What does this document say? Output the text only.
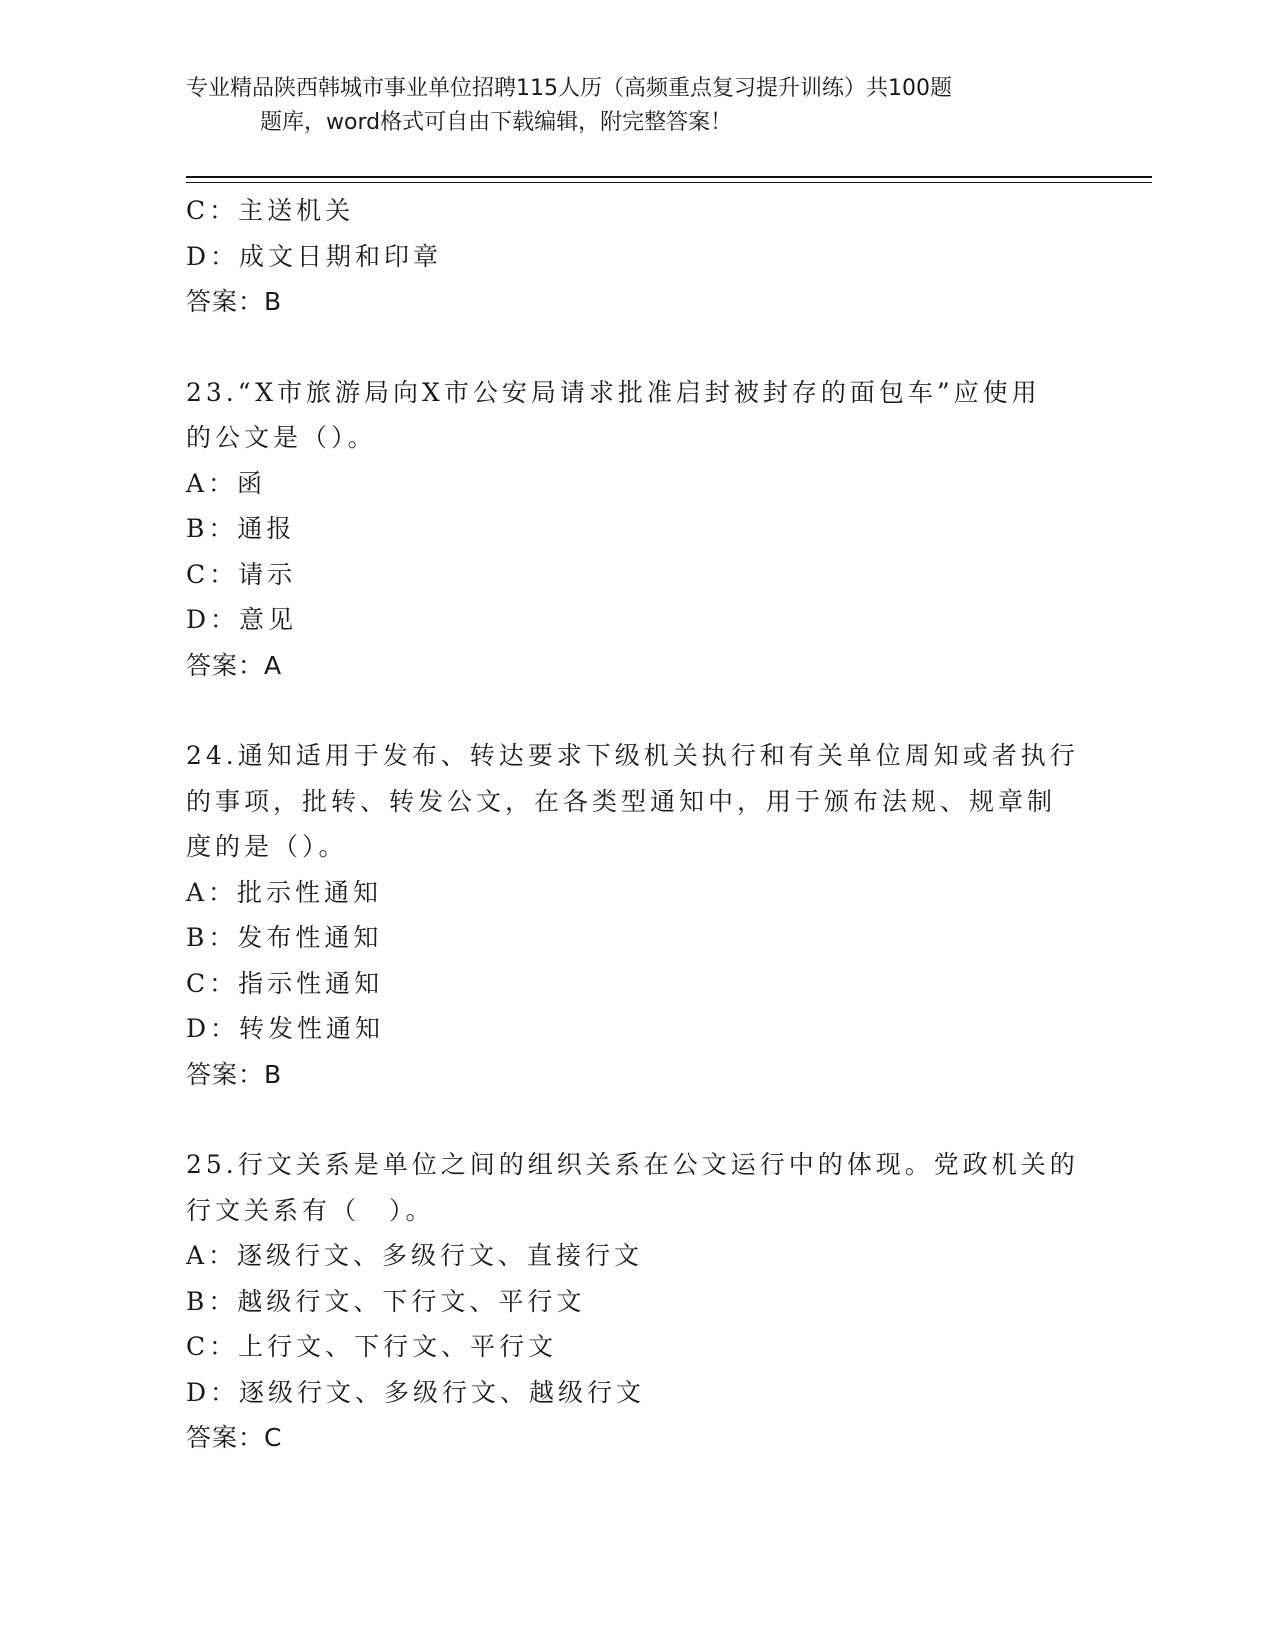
专业精品陕西韩城市事业单位招聘115人历（高频重点复习提升训练）共100题
题库，word格式可自由下载编辑，附完整答案！
C：主送机关
D：成文日期和印章
答案：B
23.“X市旅游局向X市公安局请求批准启封被封存的面包车”应使用
的公文是（）。
A：函
B：通报
C：请示
D：意见
答案：A
24.通知适用于发布、转达要求下级机关执行和有关单位周知或者执行
的事项，批转、转发公文，在各类型通知中，用于颁布法规、规章制
度的是（）。
A：批示性通知
B：发布性通知
C：指示性通知
D：转发性通知
答案：B
25.行文关系是单位之间的组织关系在公文运行中的体现。党政机关的
行文关系有（　）。
A：逐级行文、多级行文、直接行文
B：越级行文、下行文、平行文
C：上行文、下行文、平行文
D：逐级行文、多级行文、越级行文
答案：C
